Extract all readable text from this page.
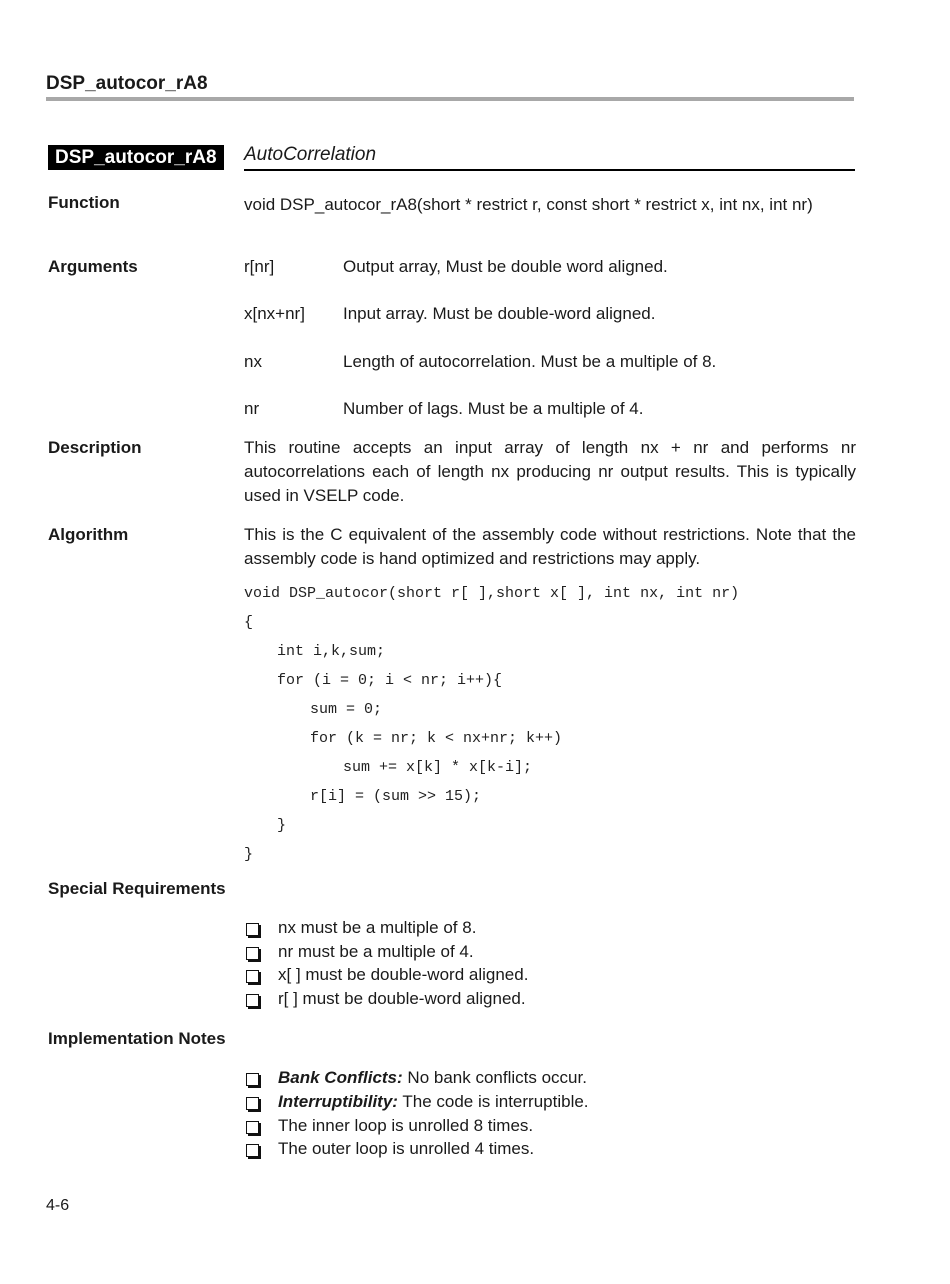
DSP_autocor_rA8
DSP_autocor_rA8	AutoCorrelation
Function	void DSP_autocor_rA8(short * restrict r, const short * restrict x, int nx, int nr)
Arguments	r[nr]	Output array, Must be double word aligned.
x[nx+nr] Input array. Must be double-word aligned.
nx	Length of autocorrelation. Must be a multiple of 8.
nr	Number of lags. Must be a multiple of 4.
Description	This routine accepts an input array of length nx + nr and performs nr autocorrelations each of length nx producing nr output results. This is typically used in VSELP code.
Algorithm	This is the C equivalent of the assembly code without restrictions. Note that the assembly code is hand optimized and restrictions may apply.
void DSP_autocor(short r[ ],short x[ ], int nx, int nr)
{
int i,k,sum;
for (i = 0; i < nr; i++){
sum = 0;
for (k = nr; k < nx+nr; k++)
sum += x[k] * x[k-i];
r[i] = (sum >> 15);
}
}
Special Requirements
nx must be a multiple of 8.
nr must be a multiple of 4.
x[ ] must be double-word aligned.
r[ ] must be double-word aligned.
Implementation Notes
Bank Conflicts: No bank conflicts occur.
Interruptibility: The code is interruptible.
The inner loop is unrolled 8 times.
The outer loop is unrolled 4 times.
4-6
